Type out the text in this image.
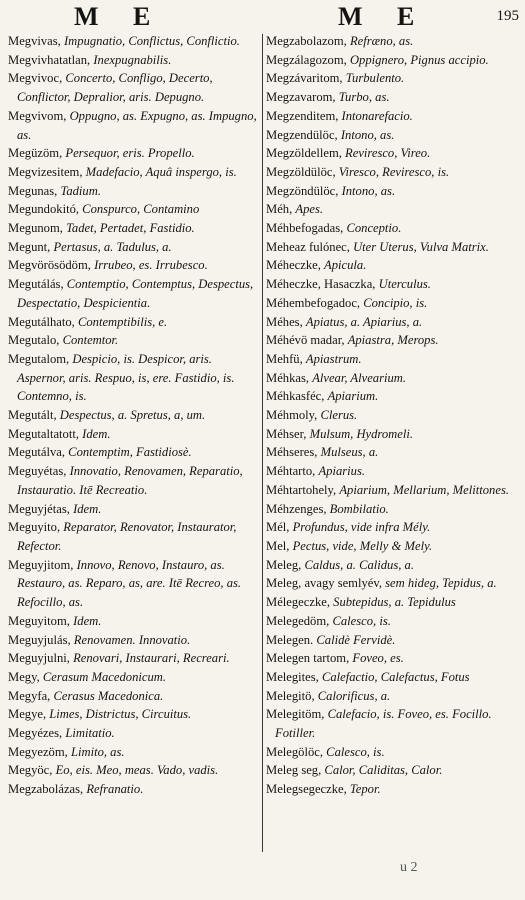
M E	M E	195

Megvivas, Impugnatio, Conflictus, Conflictio.

Megvivhatatlan, Inexpugnabilis.

Megvivoc, Concerto, Confligo, Decerto, Conflictor, Depralior, aris. Depugno.

Megvivom, Oppugno, as. Expugno, as. Impugno, as.

Megüzöm, Persequor, eris. Propello.

Megvizesitem, Madefacio, Aquâ inspergo, is.

Megunas, Tadium.

Megundokitó, Conspurco, Contamino

Megunom, Tadet, Pertadet, Fastidio.

Megunt, Pertasus, a. Tadulus, a.

Megvörösödöm, Irrubeo, es. Irrubesco.

Megutálás, Contemptio, Contemptus, Despectus, Despectatio, Despicientia.

Megutálhato, Contemptibilis, e.

Megutalo, Contemtor.

Megutalom, Despicio, is. Despicor, aris. Aspernor, aris. Respuo, is, ere. Fastidio, is. Contemno, is.

Megutált, Despectus, a. Spretus, a, um.

Megutaltatott, Idem.

Megutálva, Contemptim, Fastidiosè.

Meguyétas, Innovatio, Renovamen, Reparatio, Instauratio. Itē Recreatio.

Meguyjétas, Idem.

Meguyito, Reparator, Renovator, Instaurator, Refector.

Meguyjitom, Innovo, Renovo, Instauro, as. Restauro, as. Reparo, as, are. Itē Recreo, as. Refocillo, as.

Meguyitom, Idem.

Meguyjulás, Renovamen. Innovatio.

Meguyjulni, Renovari, Instaurari, Recreari.

Megy, Cerasum Macedonicum.

Megyfa, Cerasus Macedonica.

Megye, Limes, Districtus, Circuitus.

Megyézes, Limitatio.

Megyezöm, Limito, as.

Megyöc, Eo, eis. Meo, meas. Vado, vadis.

Megzabolázas, Refranatio.

Megzabolazom, Refræno, as.

Megzálagozom, Oppignero, Pignus accipio.

Megzávaritom, Turbulento.

Megzavarom, Turbo, as.

Megzenditem, Intonarefacio.

Megzendülöc, Intono, as.

Megzöldellem, Reviresco, Vireo.

Megzöldülöc, Viresco, Reviresco, is.

Megzöndülöc, Intono, as.

Méh, Apes.

Méhbefogadas, Conceptio.

Meheaz fulónec, Uter Uterus, Vulva Matrix.

Méheczke, Apicula.

Méheczke, Hasaczka, Uterculus.

Méhembefogadoc, Concipio, is.

Méhes, Apiatus, a. Apiarius, a.

Méhévö madar, Apiastra, Merops.

Mehfü, Apiastrum.

Méhkas, Alvear, Alvearium.

Méhkasféc, Apiarium.

Méhmoly, Clerus.

Méhser, Mulsum, Hydromeli.

Méhseres, Mulseus, a.

Méhtarto, Apiarius.

Méhtartohely, Apiarium, Mellarium, Melittones.

Méhzenges, Bombilatio.

Mél, Profundus, vide infra Mély.

Mel, Pectus, vide, Melly & Mely.

Meleg, Caldus, a. Calidus, a.

Meleg, avagy semlyév, sem hideg, Tepidus, a.

Mélegeczke, Subtepidus, a. Tepidulus

Melegedöm, Calesco, is.

Melegen. Calidè Fervidè.

Melegen tartom, Foveo, es.

Melegites, Calefactio, Calefactus, Fotus

Melegitö, Calorificus, a.

Melegitöm, Calefacio, is. Foveo, es. Focillo. Fotiller.

Melegölöc, Calesco, is.

Meleg seg, Calor, Caliditas, Calor.

Melegsegeczke, Tepor.

u 2
